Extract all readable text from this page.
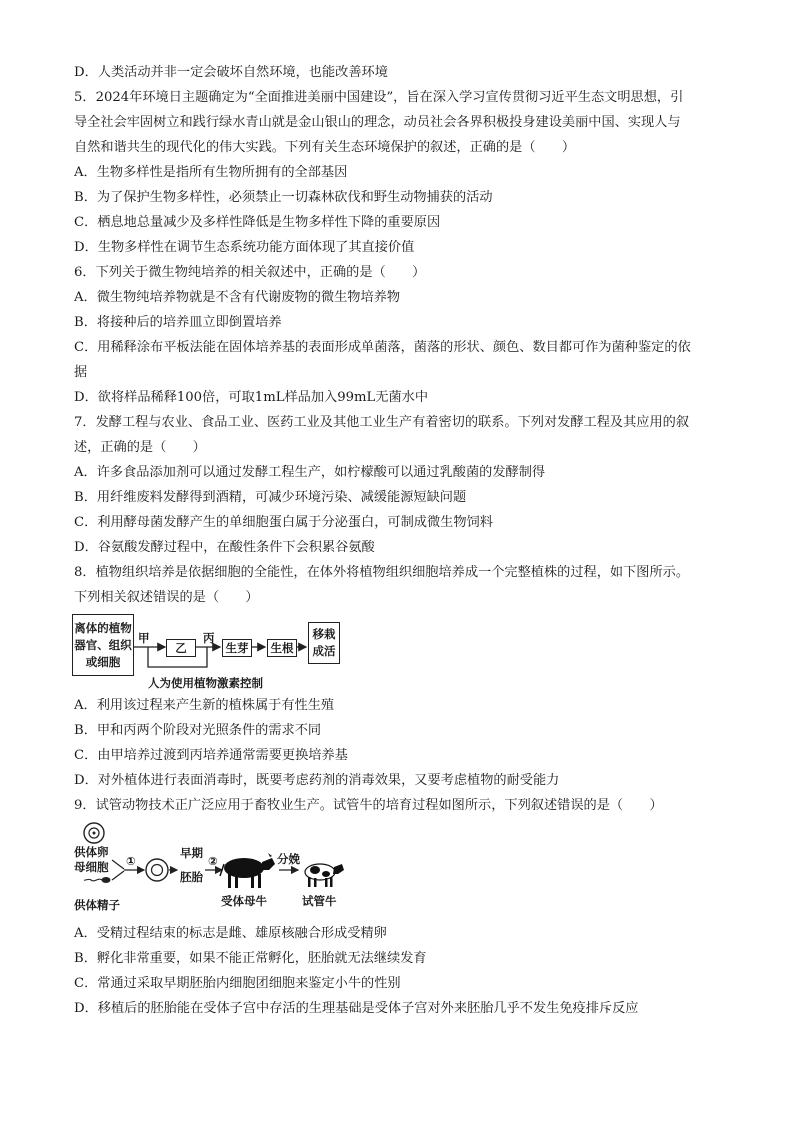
D．人类活动并非一定会破坏自然环境，也能改善环境
5．2024年环境日主题确定为“全面推进美丽中国建设”，旨在深入学习宣传贯彻习近平生态文明思想，引
导全社会牢固树立和践行绿水青山就是金山银山的理念，动员社会各界积极投身建设美丽中国、实现人与
自然和谐共生的现代化的伟大实践。下列有关生态环境保护的叙述，正确的是（　　）
A．生物多样性是指所有生物所拥有的全部基因
B．为了保护生物多样性，必须禁止一切森林砍伐和野生动物捕获的活动
C．栖息地总量减少及多样性降低是生物多样性下降的重要原因
D．生物多样性在调节生态系统功能方面体现了其直接价值
6．下列关于微生物纯培养的相关叙述中，正确的是（　　）
A．微生物纯培养物就是不含有代谢废物的微生物培养物
B．将接种后的培养皿立即倒置培养
C．用稀释涂布平板法能在固体培养基的表面形成单菌落，菌落的形状、颜色、数目都可作为菌种鉴定的依
据
D．欲将样品稀释100倍，可取1mL样品加入99mL无菌水中
7．发酵工程与农业、食品工业、医药工业及其他工业生产有着密切的联系。下列对发酵工程及其应用的叙
述，正确的是（　　）
A．许多食品添加剂可以通过发酵工程生产，如柠檬酸可以通过乳酸菌的发酵制得
B．用纤维废料发酵得到酒精，可减少环境污染、减缓能源短缺问题
C．利用酵母菌发酵产生的单细胞蛋白属于分泌蛋白，可制成微生物饲料
D．谷氨酸发酵过程中，在酸性条件下会积累谷氨酸
8．植物组织培养是依据细胞的全能性，在体外将植物组织细胞培养成一个完整植株的过程，如下图所示。
下列相关叙述错误的是（　　）
A．利用该过程来产生新的植株属于有性生殖
B．甲和丙两个阶段对光照条件的需求不同
C．由甲培养过渡到丙培养通常需要更换培养基
D．对外植体进行表面消毒时，既要考虑药剂的消毒效果，又要考虑植物的耐受能力
9．试管动物技术正广泛应用于畜牧业生产。试管牛的培育过程如图所示，下列叙述错误的是（　　）
A．受精过程结束的标志是雌、雄原核融合形成受精卵
B．孵化非常重要，如果不能正常孵化，胚胎就无法继续发育
C．常通过采取早期胚胎内细胞团细胞来鉴定小牛的性别
D．移植后的胚胎能在受体子宫中存活的生理基础是受体子宫对外来胚胎几乎不发生免疫排斥反应
离体的植物
器官、组织
或细胞
甲
乙
丙
生芽 生根
移栽
成活
人为使用植物激素控制
供体卵
母细胞
供体精子
①
早期
胚胎
②
受体母牛
分娩
试管牛
